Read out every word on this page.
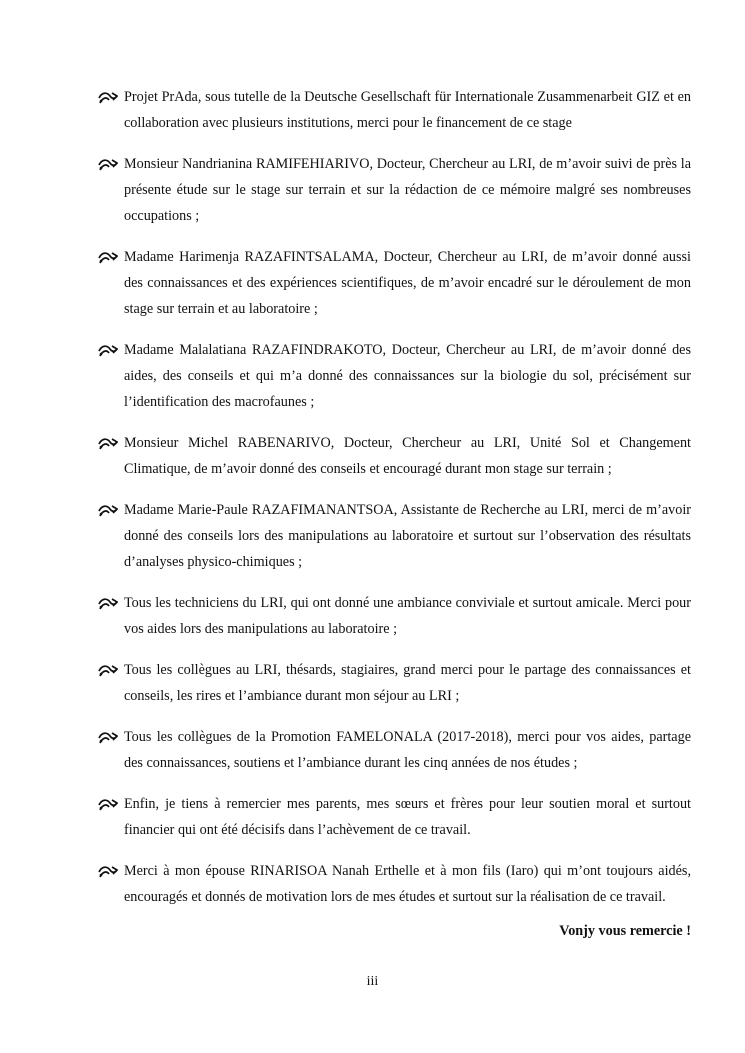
Projet PrAda, sous tutelle de la Deutsche Gesellschaft für Internationale Zusammenarbeit GIZ et en collaboration avec plusieurs institutions, merci pour le financement de ce stage
Monsieur Nandrianina RAMIFEHIARIVO, Docteur, Chercheur au LRI, de m’avoir suivi de près la présente étude sur le stage sur terrain et sur la rédaction de ce mémoire malgré ses nombreuses occupations ;
Madame Harimenja RAZAFINTSALAMA, Docteur, Chercheur au LRI, de m’avoir donné aussi des connaissances et des expériences scientifiques, de m’avoir encadré sur le déroulement de mon stage sur terrain et au laboratoire ;
Madame Malalatiana RAZAFINDRAKOTO, Docteur, Chercheur au LRI, de m’avoir donné des aides, des conseils et qui m’a donné des connaissances sur la biologie du sol, précisément sur l’identification des macrofaunes ;
Monsieur Michel RABENARIVO, Docteur, Chercheur au LRI, Unité Sol et Changement Climatique, de m’avoir donné des conseils et encouragé durant mon stage sur terrain ;
Madame Marie-Paule RAZAFIMANANTSOA, Assistante de Recherche au LRI, merci de m’avoir donné des conseils lors des manipulations au laboratoire et surtout sur l’observation des résultats d’analyses physico-chimiques ;
Tous les techniciens du LRI, qui ont donné une ambiance conviviale et surtout amicale. Merci pour vos aides lors des manipulations au laboratoire ;
Tous les collègues au LRI, thésards, stagiaires, grand merci pour le partage des connaissances et conseils, les rires et l’ambiance durant mon séjour au LRI ;
Tous les collègues de la Promotion FAMELONALA (2017-2018), merci pour vos aides, partage des connaissances, soutiens et l’ambiance durant les cinq années de nos études ;
Enfin, je tiens à remercier mes parents, mes sœurs et frères pour leur soutien moral et surtout financier qui ont été décisifs dans l’achèvement de ce travail.
Merci à mon épouse RINARISOA Nanah Erthelle et à mon fils (Iaro) qui m’ont toujours aidés, encouragés et donnés de motivation lors de mes études et surtout sur la réalisation de ce travail.
Vonjy vous remercie !
iii
